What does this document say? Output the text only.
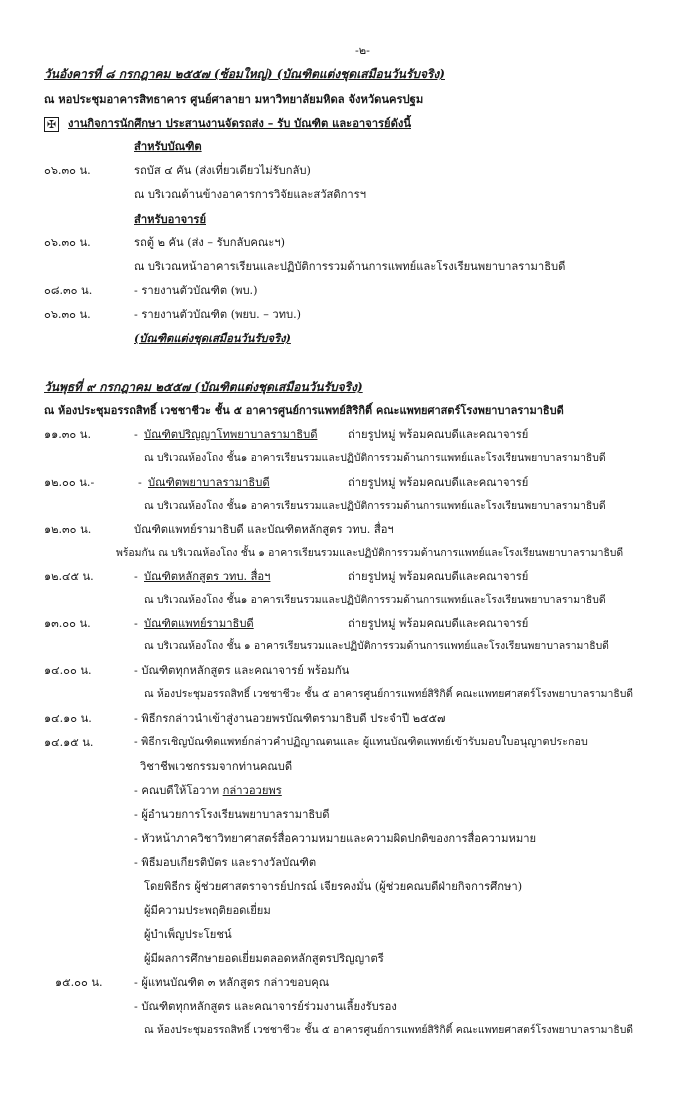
-๒-
วันอังคารที่ ๘ กรกฎาคม ๒๕๕๗ (ซ้อมใหญ่) (บัณฑิตแต่งชุดเสมือนวันรับจริง)
ณ หอประชุมอาคารสิทธาคาร ศูนย์ศาลายา มหาวิทยาลัยมหิดล จังหวัดนครปฐม
✠ งานกิจการนักศึกษา ประสานงานจัดรถส่ง – รับ บัณฑิต และอาจารย์ดังนี้
สำหรับบัณฑิต
๐๖.๓๐ น.	รถบัส ๔ คัน (ส่งเที่ยวเดียวไม่รับกลับ)
ณ บริเวณด้านข้างอาคารการวิจัยและสวัสดิการฯ
สำหรับอาจารย์
๐๖.๓๐ น.	รถตู้ ๒ คัน (ส่ง – รับกลับคณะฯ)
ณ บริเวณหน้าอาคารเรียนและปฏิบัติการรวมด้านการแพทย์และโรงเรียนพยาบาลรามาธิบดี
๐๘.๓๐ น.	- รายงานตัวบัณฑิต (พบ.)
๐๖.๓๐ น.	- รายงานตัวบัณฑิต (พยบ. – วทบ.)
(บัณฑิตแต่งชุดเสมือนวันรับจริง)
วันพุธที่ ๙ กรกฎาคม ๒๕๕๗ (บัณฑิตแต่งชุดเสมือนวันรับจริง)
ณ ห้องประชุมอรรถสิทธิ์ เวชชาชีวะ ชั้น ๕ อาคารศูนย์การแพทย์สิริกิติ์ คณะแพทยศาสตร์โรงพยาบาลรามาธิบดี
๑๑.๓๐ น.	- บัณฑิตปริญญาโทพยาบาลรามาธิบดี	ถ่ายรูปหมู่ พร้อมคณบดีและคณาจารย์
ณ บริเวณห้องโถง ชั้น๑ อาคารเรียนรวมและปฏิบัติการรวมด้านการแพทย์และโรงเรียนพยาบาลรามาธิบดี
๑๒.๐๐ น.-	- บัณฑิตพยาบาลรามาธิบดี	ถ่ายรูปหมู่ พร้อมคณบดีและคณาจารย์
ณ บริเวณห้องโถง ชั้น๑ อาคารเรียนรวมและปฏิบัติการรวมด้านการแพทย์และโรงเรียนพยาบาลรามาธิบดี
๑๒.๓๐ น.	บัณฑิตแพทย์รามาธิบดี และบัณฑิตหลักสูตร วทบ. สื่อฯ
พร้อมกัน ณ บริเวณห้องโถง ชั้น ๑ อาคารเรียนรวมและปฏิบัติการรวมด้านการแพทย์และโรงเรียนพยาบาลรามาธิบดี
๑๒.๔๕ น.	- บัณฑิตหลักสูตร วทบ. สื่อฯ	ถ่ายรูปหมู่ พร้อมคณบดีและคณาจารย์
ณ บริเวณห้องโถง ชั้น๑ อาคารเรียนรวมและปฏิบัติการรวมด้านการแพทย์และโรงเรียนพยาบาลรามาธิบดี
๑๓.๐๐ น.	- บัณฑิตแพทย์รามาธิบดี	ถ่ายรูปหมู่ พร้อมคณบดีและคณาจารย์
ณ บริเวณห้องโถง ชั้น ๑ อาคารเรียนรวมและปฏิบัติการรวมด้านการแพทย์และโรงเรียนพยาบาลรามาธิบดี
๑๔.๐๐ น.	- บัณฑิตทุกหลักสูตร และคณาจารย์ พร้อมกัน
ณ ห้องประชุมอรรถสิทธิ์ เวชชาชีวะ ชั้น ๕ อาคารศูนย์การแพทย์สิริกิติ์ คณะแพทยศาสตร์โรงพยาบาลรามาธิบดี
๑๔.๑๐ น.	- พิธีกรกล่าวนำเข้าสู่งานอวยพรบัณฑิตรามาธิบดี ประจำปี ๒๕๕๗
๑๔.๑๕ น.	- พิธีกรเชิญบัณฑิตแพทย์กล่าวคำปฏิญาณตนและ ผู้แทนบัณฑิตแพทย์เข้ารับมอบใบอนุญาตประกอบ
วิชาชีพเวชกรรมจากท่านคณบดี
- คณบดีให้โอวาท กล่าวอวยพร
- ผู้อำนวยการโรงเรียนพยาบาลรามาธิบดี
- หัวหน้าภาควิชาวิทยาศาสตร์สื่อความหมายและความผิดปกติของการสื่อความหมาย
- พิธีมอบเกียรติบัตร และรางวัลบัณฑิต
โดยพิธีกร ผู้ช่วยศาสตราจารย์ปกรณ์ เจียรคงมั่น (ผู้ช่วยคณบดีฝ่ายกิจการศึกษา)
ผู้มีความประพฤติยอดเยี่ยม
ผู้บำเพ็ญประโยชน์
ผู้มีผลการศึกษายอดเยี่ยมตลอดหลักสูตรปริญญาตรี
๑๕.๐๐ น.	- ผู้แทนบัณฑิต ๓ หลักสูตร กล่าวขอบคุณ
- บัณฑิตทุกหลักสูตร และคณาจารย์ร่วมงานเลี้ยงรับรอง
ณ ห้องประชุมอรรถสิทธิ์ เวชชาชีวะ ชั้น ๕ อาคารศูนย์การแพทย์สิริกิติ์ คณะแพทยศาสตร์โรงพยาบาลรามาธิบดี
